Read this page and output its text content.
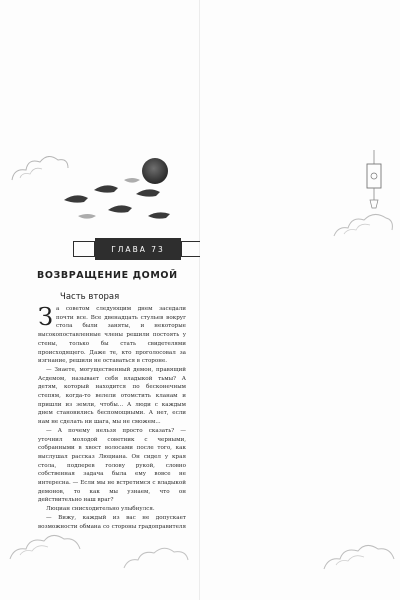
ГЛАВА 73
ВОЗВРАЩЕНИЕ ДОМОЙ
Часть вторая

За советом следующим днем заседали почти все. Все двенадцать стульев вокруг стола были заняты, и некоторые высокопоставленные члены решили постоять у стены, только бы стать свидетелями происходящего. Даже те, кто проголосовал за изгнание, решили не оставаться в стороне.

— Знаете, могущественный демон, правящий Асдемом, называет себя владыкой тьмы? А детям, который находится по бесконечным степям, когда-то велели отомстить кланам и пришли из земли, чтобы... А люди с каждым днем становились беспомощными. А нет, если нам не сделать ни шага, мы не сможем...

— А почему нельзя просто сказать? — уточнил молодой советник с черными, собранными в хвост волосами после того, как выслушал рассказ Люциана. Он сидел у края стола, подперев голову рукой, словно собственная задача была ему вовсе не интересна. — Если мы не встретимся с владыкой демонов, то как мы узнаем, что он действительно наш враг?

Люциан снисходительно улыбнулся.

— Вижу, каждый из вас не допускает возможности обмана со стороны градоправителя
